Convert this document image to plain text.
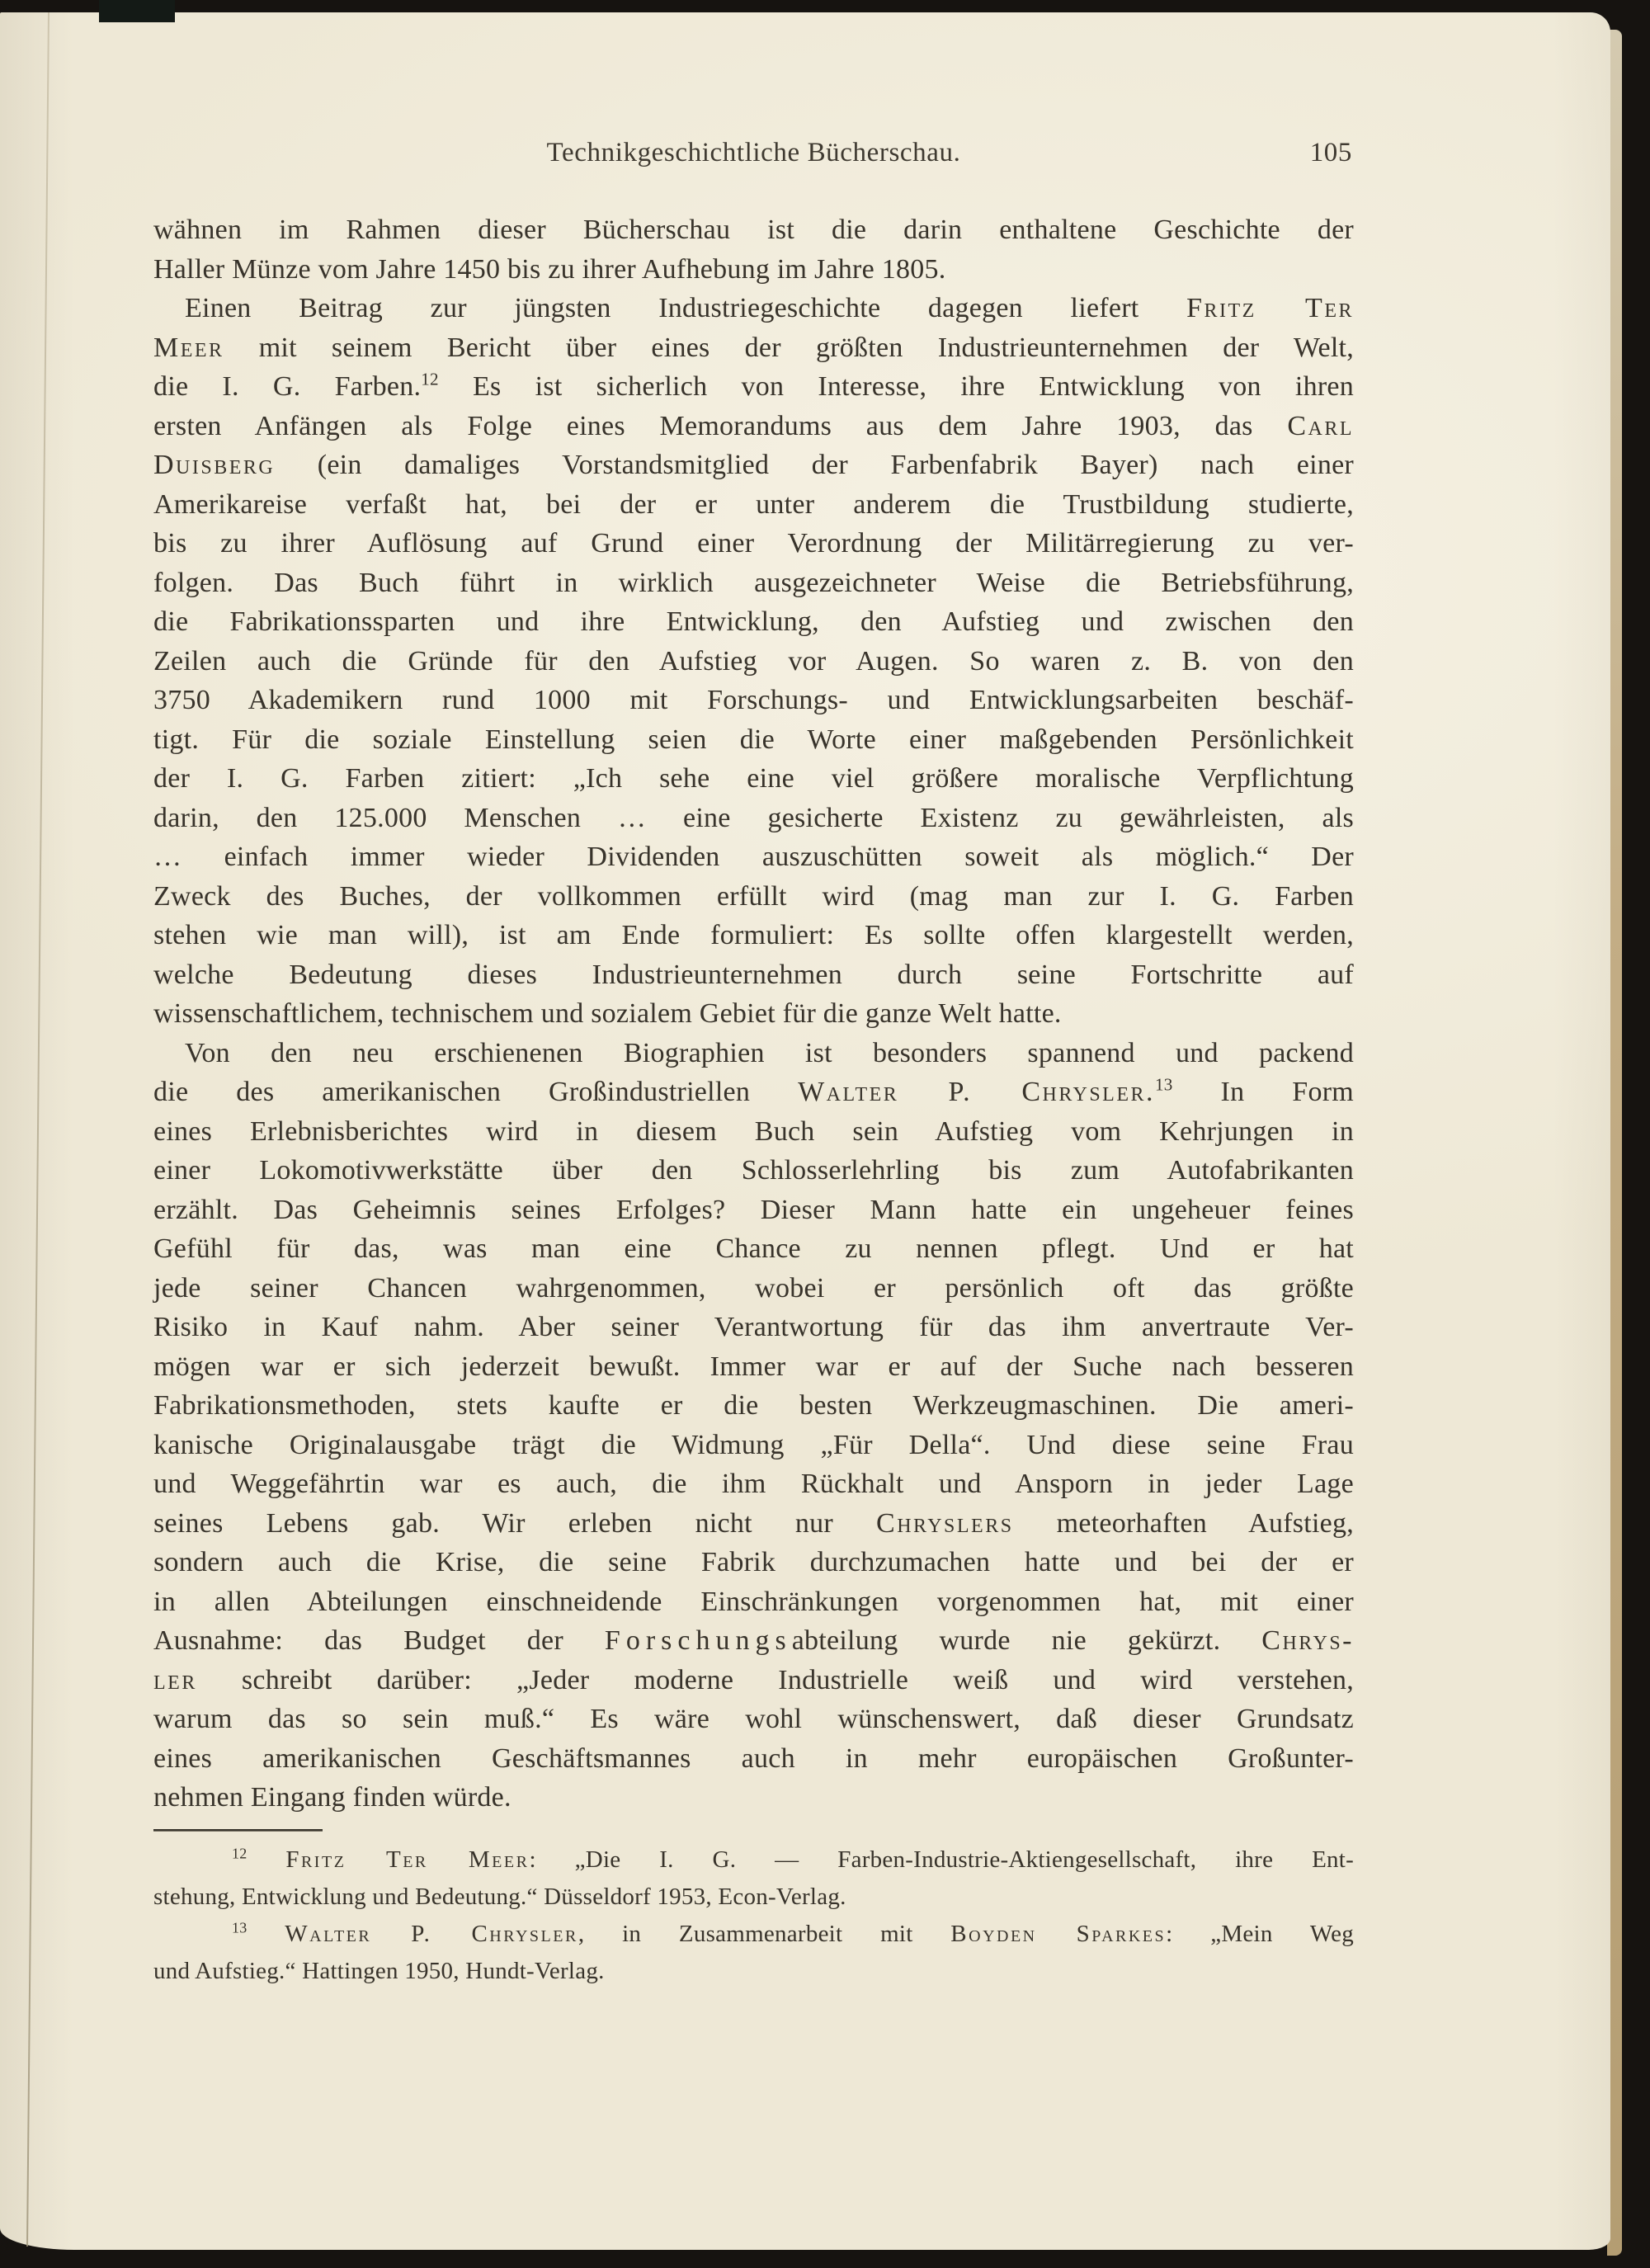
Technikgeschichtliche Bücherschau.	105
wähnen im Rahmen dieser Bücherschau ist die darin enthaltene Geschichte der
Haller Münze vom Jahre 1450 bis zu ihrer Aufhebung im Jahre 1805.
Einen Beitrag zur jüngsten Industriegeschichte dagegen liefert Fritz Ter
Meer mit seinem Bericht über eines der größten Industrieunternehmen der Welt,
die I. G. Farben.$^{12}$ Es ist sicherlich von Interesse, ihre Entwicklung von ihren
ersten Anfängen als Folge eines Memorandums aus dem Jahre 1903, das Carl
Duisberg (ein damaliges Vorstandsmitglied der Farbenfabrik Bayer) nach einer
Amerikareise verfaßt hat, bei der er unter anderem die Trustbildung studierte,
bis zu ihrer Auflösung auf Grund einer Verordnung der Militärregierung zu ver-
folgen. Das Buch führt in wirklich ausgezeichneter Weise die Betriebsführung,
die Fabrikationssparten und ihre Entwicklung, den Aufstieg und zwischen den
Zeilen auch die Gründe für den Aufstieg vor Augen. So waren z. B. von den
3750 Akademikern rund 1000 mit Forschungs- und Entwicklungsarbeiten beschäf-
tigt. Für die soziale Einstellung seien die Worte einer maßgebenden Persönlichkeit
der I. G. Farben zitiert: „Ich sehe eine viel größere moralische Verpflichtung
darin, den 125.000 Menschen … eine gesicherte Existenz zu gewährleisten, als
… einfach immer wieder Dividenden auszuschütten soweit als möglich.“ Der
Zweck des Buches, der vollkommen erfüllt wird (mag man zur I. G. Farben
stehen wie man will), ist am Ende formuliert: Es sollte offen klargestellt werden,
welche Bedeutung dieses Industrieunternehmen durch seine Fortschritte auf
wissenschaftlichem, technischem und sozialem Gebiet für die ganze Welt hatte.
Von den neu erschienenen Biographien ist besonders spannend und packend
die des amerikanischen Großindustriellen Walter P. Chrysler.$^{13}$ In Form
eines Erlebnisberichtes wird in diesem Buch sein Aufstieg vom Kehrjungen in
einer Lokomotivwerkstätte über den Schlosserlehrling bis zum Autofabrikanten
erzählt. Das Geheimnis seines Erfolges? Dieser Mann hatte ein ungeheuer feines
Gefühl für das, was man eine Chance zu nennen pflegt. Und er hat
jede seiner Chancen wahrgenommen, wobei er persönlich oft das größte
Risiko in Kauf nahm. Aber seiner Verantwortung für das ihm anvertraute Ver-
mögen war er sich jederzeit bewußt. Immer war er auf der Suche nach besseren
Fabrikationsmethoden, stets kaufte er die besten Werkzeugmaschinen. Die ameri-
kanische Originalausgabe trägt die Widmung „Für Della“. Und diese seine Frau
und Weggefährtin war es auch, die ihm Rückhalt und Ansporn in jeder Lage
seines Lebens gab. Wir erleben nicht nur Chryslers meteorhaften Aufstieg,
sondern auch die Krise, die seine Fabrik durchzumachen hatte und bei der er
in allen Abteilungen einschneidende Einschränkungen vorgenommen hat, mit einer
Ausnahme: das Budget der Forschungsabteilung wurde nie gekürzt. Chrys-
ler schreibt darüber: „Jeder moderne Industrielle weiß und wird verstehen,
warum das so sein muß.“ Es wäre wohl wünschenswert, daß dieser Grundsatz
eines amerikanischen Geschäftsmannes auch in mehr europäischen Großunter-
nehmen Eingang finden würde.
$^{12}$ Fritz Ter Meer: „Die I. G. — Farben-Industrie-Aktiengesellschaft, ihre Ent-
stehung, Entwicklung und Bedeutung.“ Düsseldorf 1953, Econ-Verlag.
$^{13}$ Walter P. Chrysler, in Zusammenarbeit mit Boyden Sparkes: „Mein Weg
und Aufstieg.“ Hattingen 1950, Hundt-Verlag.
